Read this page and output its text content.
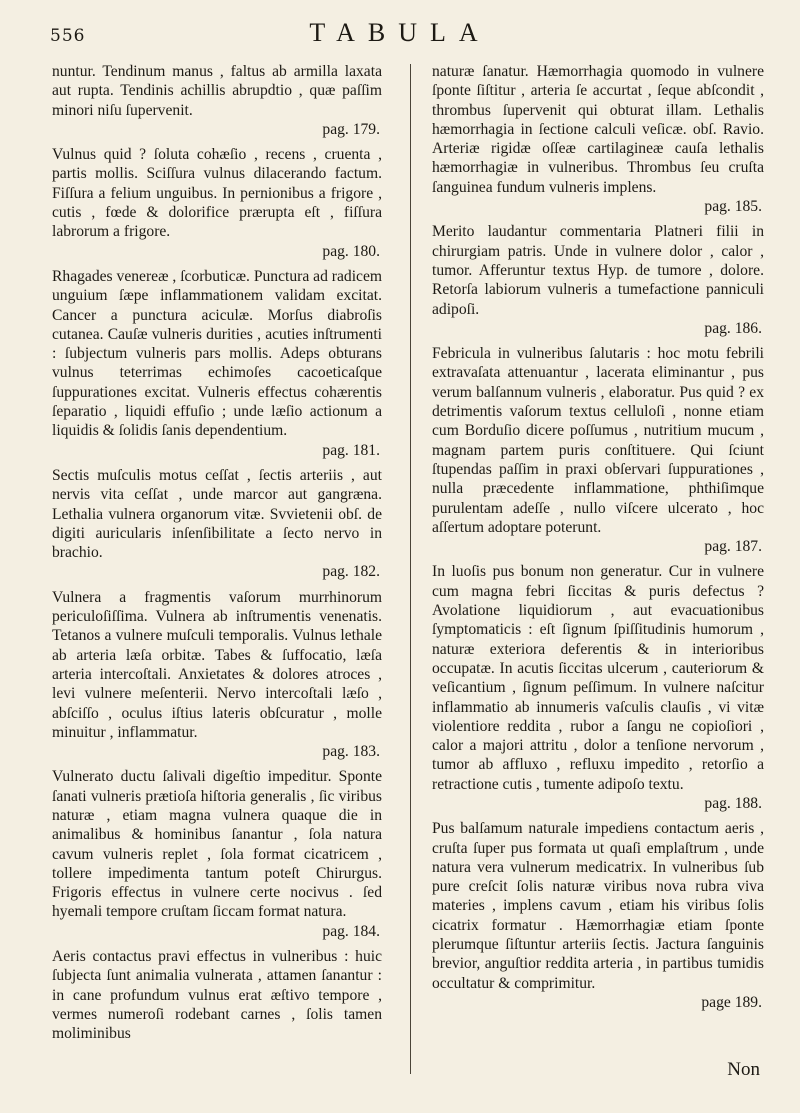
556	TABULA
nuntur. Tendinum manus , faltus ab armilla laxata aut rupta. Tendinis achillis abrupdtio , quæ paſſim minori niſu ſupervenit.
pag. 179.
Vulnus quid ? ſoluta cohæſio , recens , cruenta , partis mollis. Sciſſura vulnus dilacerando factum. Fiſſura a felium unguibus. In pernionibus a frigore , cutis , fœde & dolorifice prærupta eſt , fiſſura labrorum a frigore.
pag. 180.
Rhagades venereæ , ſcorbuticæ. Punctura ad radicem unguium ſæpe inflammationem validam excitat. Cancer a punctura aciculæ. Morſus diabroſis cutanea. Cauſæ vulneris durities , acuties inſtrumenti : ſubjectum vulneris pars mollis. Adeps obturans vulnus teterrimas echimoſes cacoeticaſque ſuppurationes excitat. Vulneris effectus cohærentis ſeparatio , liquidi effuſio ; unde læſio actionum a liquidis & ſolidis ſanis dependentium.
pag. 181.
Sectis muſculis motus ceſſat , ſectis arteriis , aut nervis vita ceſſat , unde marcor aut gangræna. Lethalia vulnera organorum vitæ. Svvietenii obſ. de digiti auricularis inſenſibilitate a ſecto nervo in brachio.
pag. 182.
Vulnera a fragmentis vaſorum murrhinorum periculoſiſſima. Vulnera ab inſtrumentis venenatis. Tetanos a vulnere muſculi temporalis. Vulnus lethale ab arteria læſa orbitæ. Tabes & ſuffocatio, læſa arteria intercoſtali. Anxietates & dolores atroces , levi vulnere meſenterii. Nervo intercoſtali læſo , abſciſſo , oculus iſtius lateris obſcuratur , molle minuitur , inflammatur.
pag. 183.
Vulnerato ductu ſalivali digeſtio impeditur. Sponte ſanati vulneris prætioſa hiſtoria generalis , ſic viribus naturæ , etiam magna vulnera quaque die in animalibus & hominibus ſanantur , ſola natura cavum vulneris replet , ſola format cicatricem , tollere impedimenta tantum poteſt Chirurgus. Frigoris effectus in vulnere certe nocivus . ſed hyemali tempore cruſtam ſiccam format natura.
pag. 184.
Aeris contactus pravi effectus in vulneribus : huic ſubjecta ſunt animalia vulnerata , attamen ſanantur : in cane profundum vulnus erat æſtivo tempore , vermes numeroſi rodebant carnes , ſolis tamen moliminibus
naturæ ſanatur. Hæmorrhagia quomodo in vulnere ſponte ſiſtitur , arteria ſe accurtat , ſeque abſcondit , thrombus ſupervenit qui obturat illam. Lethalis hæmorrhagia in ſectione calculi veſicæ. obſ. Ravio. Arteriæ rigidæ oſſeæ cartilagineæ cauſa lethalis hæmorrhagiæ in vulneribus. Thrombus ſeu cruſta ſanguinea fundum vulneris implens.
pag. 185.
Merito laudantur commentaria Platneri filii in chirurgiam patris. Unde in vulnere dolor , calor , tumor. Afferuntur textus Hyp. de tumore , dolore. Retorſa labiorum vulneris a tumefactione panniculi adipoſi.
pag. 186.
Febricula in vulneribus ſalutaris : hoc motu febrili extravaſata attenuantur , lacerata eliminantur , pus verum balſannum vulneris , elaboratur. Pus quid ? ex detrimentis vaſorum textus celluloſi , nonne etiam cum Borduſio dicere poſſumus , nutritium mucum , magnam partem puris conſtituere. Qui ſciunt ſtupendas paſſim in praxi obſervari ſuppurationes , nulla præcedente inflammatione, phthiſimque purulentam adeſſe , nullo viſcere ulcerato , hoc aſſertum adoptare poterunt.
pag. 187.
In luoſis pus bonum non generatur. Cur in vulnere cum magna febri ſiccitas & puris defectus ? Avolatione liquidiorum , aut evacuationibus ſymptomaticis : eſt ſignum ſpiſſitudinis humorum , naturæ exteriora deferentis & in interioribus occupatæ. In acutis ſiccitas ulcerum , cauteriorum & veſicantium , ſignum peſſimum. In vulnere naſcitur inflammatio ab innumeris vaſculis clauſis , vi vitæ violentiore reddita , rubor a ſangu ne copioſiori , calor a majori attritu , dolor a tenſione nervorum , tumor ab affluxo , refluxu impedito , retorſio a retractione cutis , tumente adipoſo textu.
pag. 188.
Pus balſamum naturale impediens contactum aeris , cruſta ſuper pus formata ut quaſi emplaſtrum , unde natura vera vulnerum medicatrix. In vulneribus ſub pure creſcit ſolis naturæ viribus nova rubra viva materies , implens cavum , etiam his viribus ſolis cicatrix formatur . Hæmorrhagiæ etiam ſponte plerumque ſiſtuntur arteriis ſectis. Jactura ſanguinis brevior, anguſtior reddita arteria , in partibus tumidis occultatur & comprimitur.
page 189.
Non
